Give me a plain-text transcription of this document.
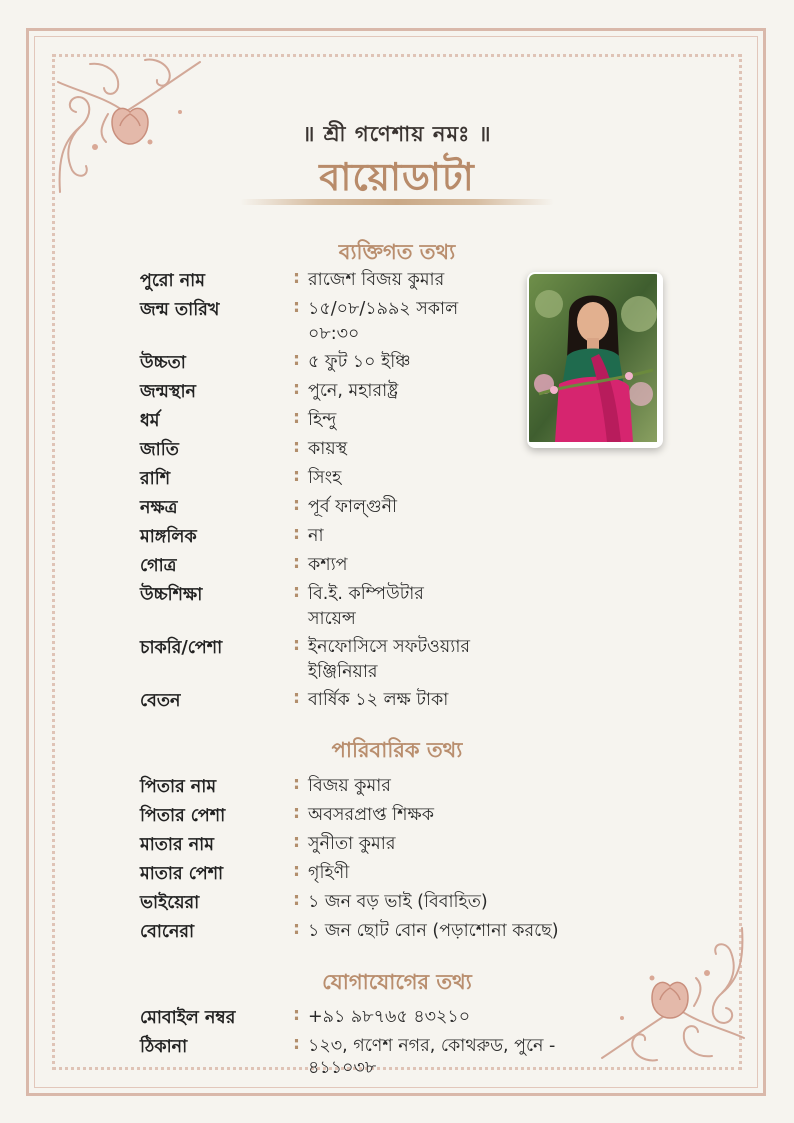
॥ শ্রী গণেশায় নমঃ ॥
বায়োডাটা
ব্যক্তিগত তথ্য
পুরো নাম	: রাজেশ বিজয় কুমার
জন্ম তারিখ	: ১৫/০৮/১৯৯২ সকাল
০৮:৩০
উচ্চতা	: ৫ ফুট ১০ ইঞ্চি
জন্মস্থান	: পুনে, মহারাষ্ট্র
ধর্ম	: হিন্দু
জাতি	: কায়স্থ
রাশি	: সিংহ
নক্ষত্র	: পূর্ব ফাল্গুনী
মাঙ্গলিক	: না
গোত্র	: কশ্যপ
উচ্চশিক্ষা	: বি.ই. কম্পিউটার
সায়েন্স
চাকরি/পেশা	: ইনফোসিসে সফটওয়্যার
ইঞ্জিনিয়ার
বেতন	: বার্ষিক ১২ লক্ষ টাকা
পারিবারিক তথ্য
পিতার নাম	: বিজয় কুমার
পিতার পেশা	: অবসরপ্রাপ্ত শিক্ষক
মাতার নাম	: সুনীতা কুমার
মাতার পেশা	: গৃহিণী
ভাইয়েরা	: ১ জন বড় ভাই (বিবাহিত)
বোনেরা	: ১ জন ছোট বোন (পড়াশোনা করছে)
যোগাযোগের তথ্য
মোবাইল নম্বর	: +৯১ ৯৮৭৬৫ ৪৩২১০
ঠিকানা	: ১২৩, গণেশ নগর, কোথরুড, পুনে -
৪১১০৩৮
